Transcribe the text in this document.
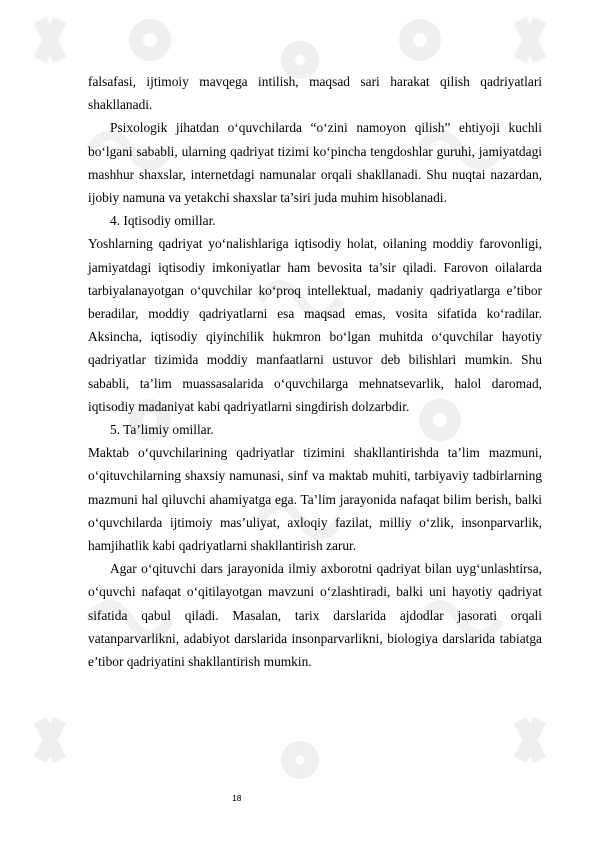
falsafasi, ijtimoiy mavqega intilish, maqsad sari harakat qilish qadriyatlari shakllanadi.

Psixologik jihatdan o‘quvchilarda “o‘zini namoyon qilish” ehtiyoji kuchli bo‘lgani sababli, ularning qadriyat tizimi ko‘pincha tengdoshlar guruhi, jamiyatdagi mashhur shaxslar, internetdagi namunalar orqali shakllanadi. Shu nuqtai nazardan, ijobiy namuna va yetakchi shaxslar ta’siri juda muhim hisoblanadi.

4. Iqtisodiy omillar.

Yoshlarning qadriyat yo‘nalishlariga iqtisodiy holat, oilaning moddiy farovonligi, jamiyatdagi iqtisodiy imkoniyatlar ham bevosita ta’sir qiladi. Farovon oilalarda tarbiyalanayotgan o‘quvchilar ko‘proq intellektual, madaniy qadriyatlarga e’tibor beradilar, moddiy qadriyatlarni esa maqsad emas, vosita sifatida ko‘radilar. Aksincha, iqtisodiy qiyinchilik hukmron bo‘lgan muhitda o‘quvchilar hayotiy qadriyatlar tizimida moddiy manfaatlarni ustuvor deb bilishlari mumkin. Shu sababli, ta’lim muassasalarida o‘quvchilarga mehnatsevarlik, halol daromad, iqtisodiy madaniyat kabi qadriyatlarni singdirish dolzarbdir.

5. Ta’limiy omillar.

Maktab o‘quvchilarining qadriyatlar tizimini shakllantirishda ta’lim mazmuni, o‘qituvchilarning shaxsiy namunasi, sinf va maktab muhiti, tarbiyaviy tadbirlarning mazmuni hal qiluvchi ahamiyatga ega. Ta’lim jarayonida nafaqat bilim berish, balki o‘quvchilarda ijtimoiy mas’uliyat, axloqiy fazilat, milliy o‘zlik, insonparvarlik, hamjihatlik kabi qadriyatlarni shakllantirish zarur.

Agar o‘qituvchi dars jarayonida ilmiy axborotni qadriyat bilan uyg‘unlashtirsa, o‘quvchi nafaqat o‘qitilayotgan mavzuni o‘zlashtiradi, balki uni hayotiy qadriyat sifatida qabul qiladi. Masalan, tarix darslarida ajdodlar jasorati orqali vatanparvarlikni, adabiyot darslarida insonparvarlikni, biologiya darslarida tabiatga e’tibor qadriyatini shakllantirish mumkin.

18
